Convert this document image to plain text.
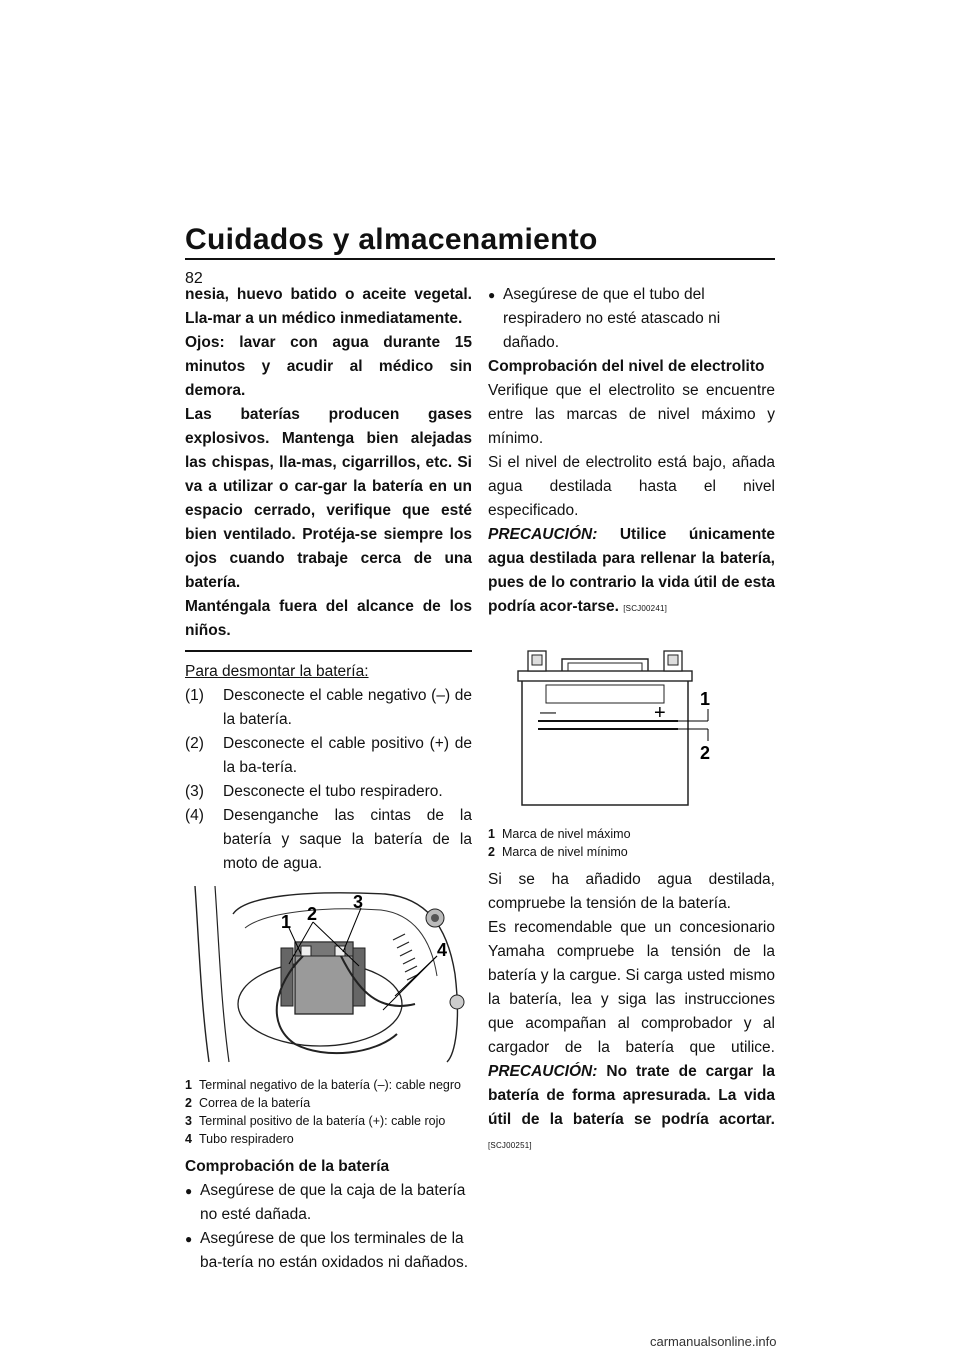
Cuidados y almacenamiento
82

nesia, huevo batido o aceite vegetal. Lla-mar a un médico inmediatamente.

Ojos: lavar con agua durante 15 minutos y acudir al médico sin demora.

Las baterías producen gases explosivos. Mantenga bien alejadas las chispas, lla-mas, cigarrillos, etc. Si va a utilizar o car-gar la batería en un espacio cerrado, verifique que esté bien ventilado. Protéja-se siempre los ojos cuando trabaje cerca de una batería.

Manténgala fuera del alcance de los niños.

Para desmontar la batería:

(1)	Desconecte el cable negativo (–) de la batería.
(2)	Desconecte el cable positivo (+) de la ba-tería.
(3)	Desconecte el tubo respiradero.
(4)	Desenganche las cintas de la batería y saque la batería de la moto de agua.
1 2
3
4
1 Terminal negativo de la batería (–): cable negro
2 Correa de la batería
3 Terminal positivo de la batería (+): cable rojo
4 Tubo respiradero

Comprobación de la batería

● Asegúrese de que la caja de la batería no esté dañada.
● Asegúrese de que los terminales de la ba-tería no están oxidados ni dañados.
● Asegúrese de que el tubo del respiradero no esté atascado ni dañado.

Comprobación del nivel de electrolito

Verifique que el electrolito se encuentre entre las marcas de nivel máximo y mínimo.

Si el nivel de electrolito está bajo, añada agua destilada hasta el nivel especificado.

PRECAUCIÓN: Utilice únicamente agua destilada para rellenar la batería, pues de lo contrario la vida útil de esta podría acor-tarse. [SCJ00241]

—	+
1
2
1 Marca de nivel máximo
2 Marca de nivel mínimo

Si se ha añadido agua destilada, compruebe la tensión de la batería.

Es recomendable que un concesionario Yamaha compruebe la tensión de la batería y la cargue. Si carga usted mismo la batería, lea y siga las instrucciones que acompañan al comprobador y al cargador de la batería que utilice. PRECAUCIÓN: No trate de cargar la batería de forma apresurada. La vida útil de la batería se podría acortar. [SCJ00251]

carmanualsonline.info
